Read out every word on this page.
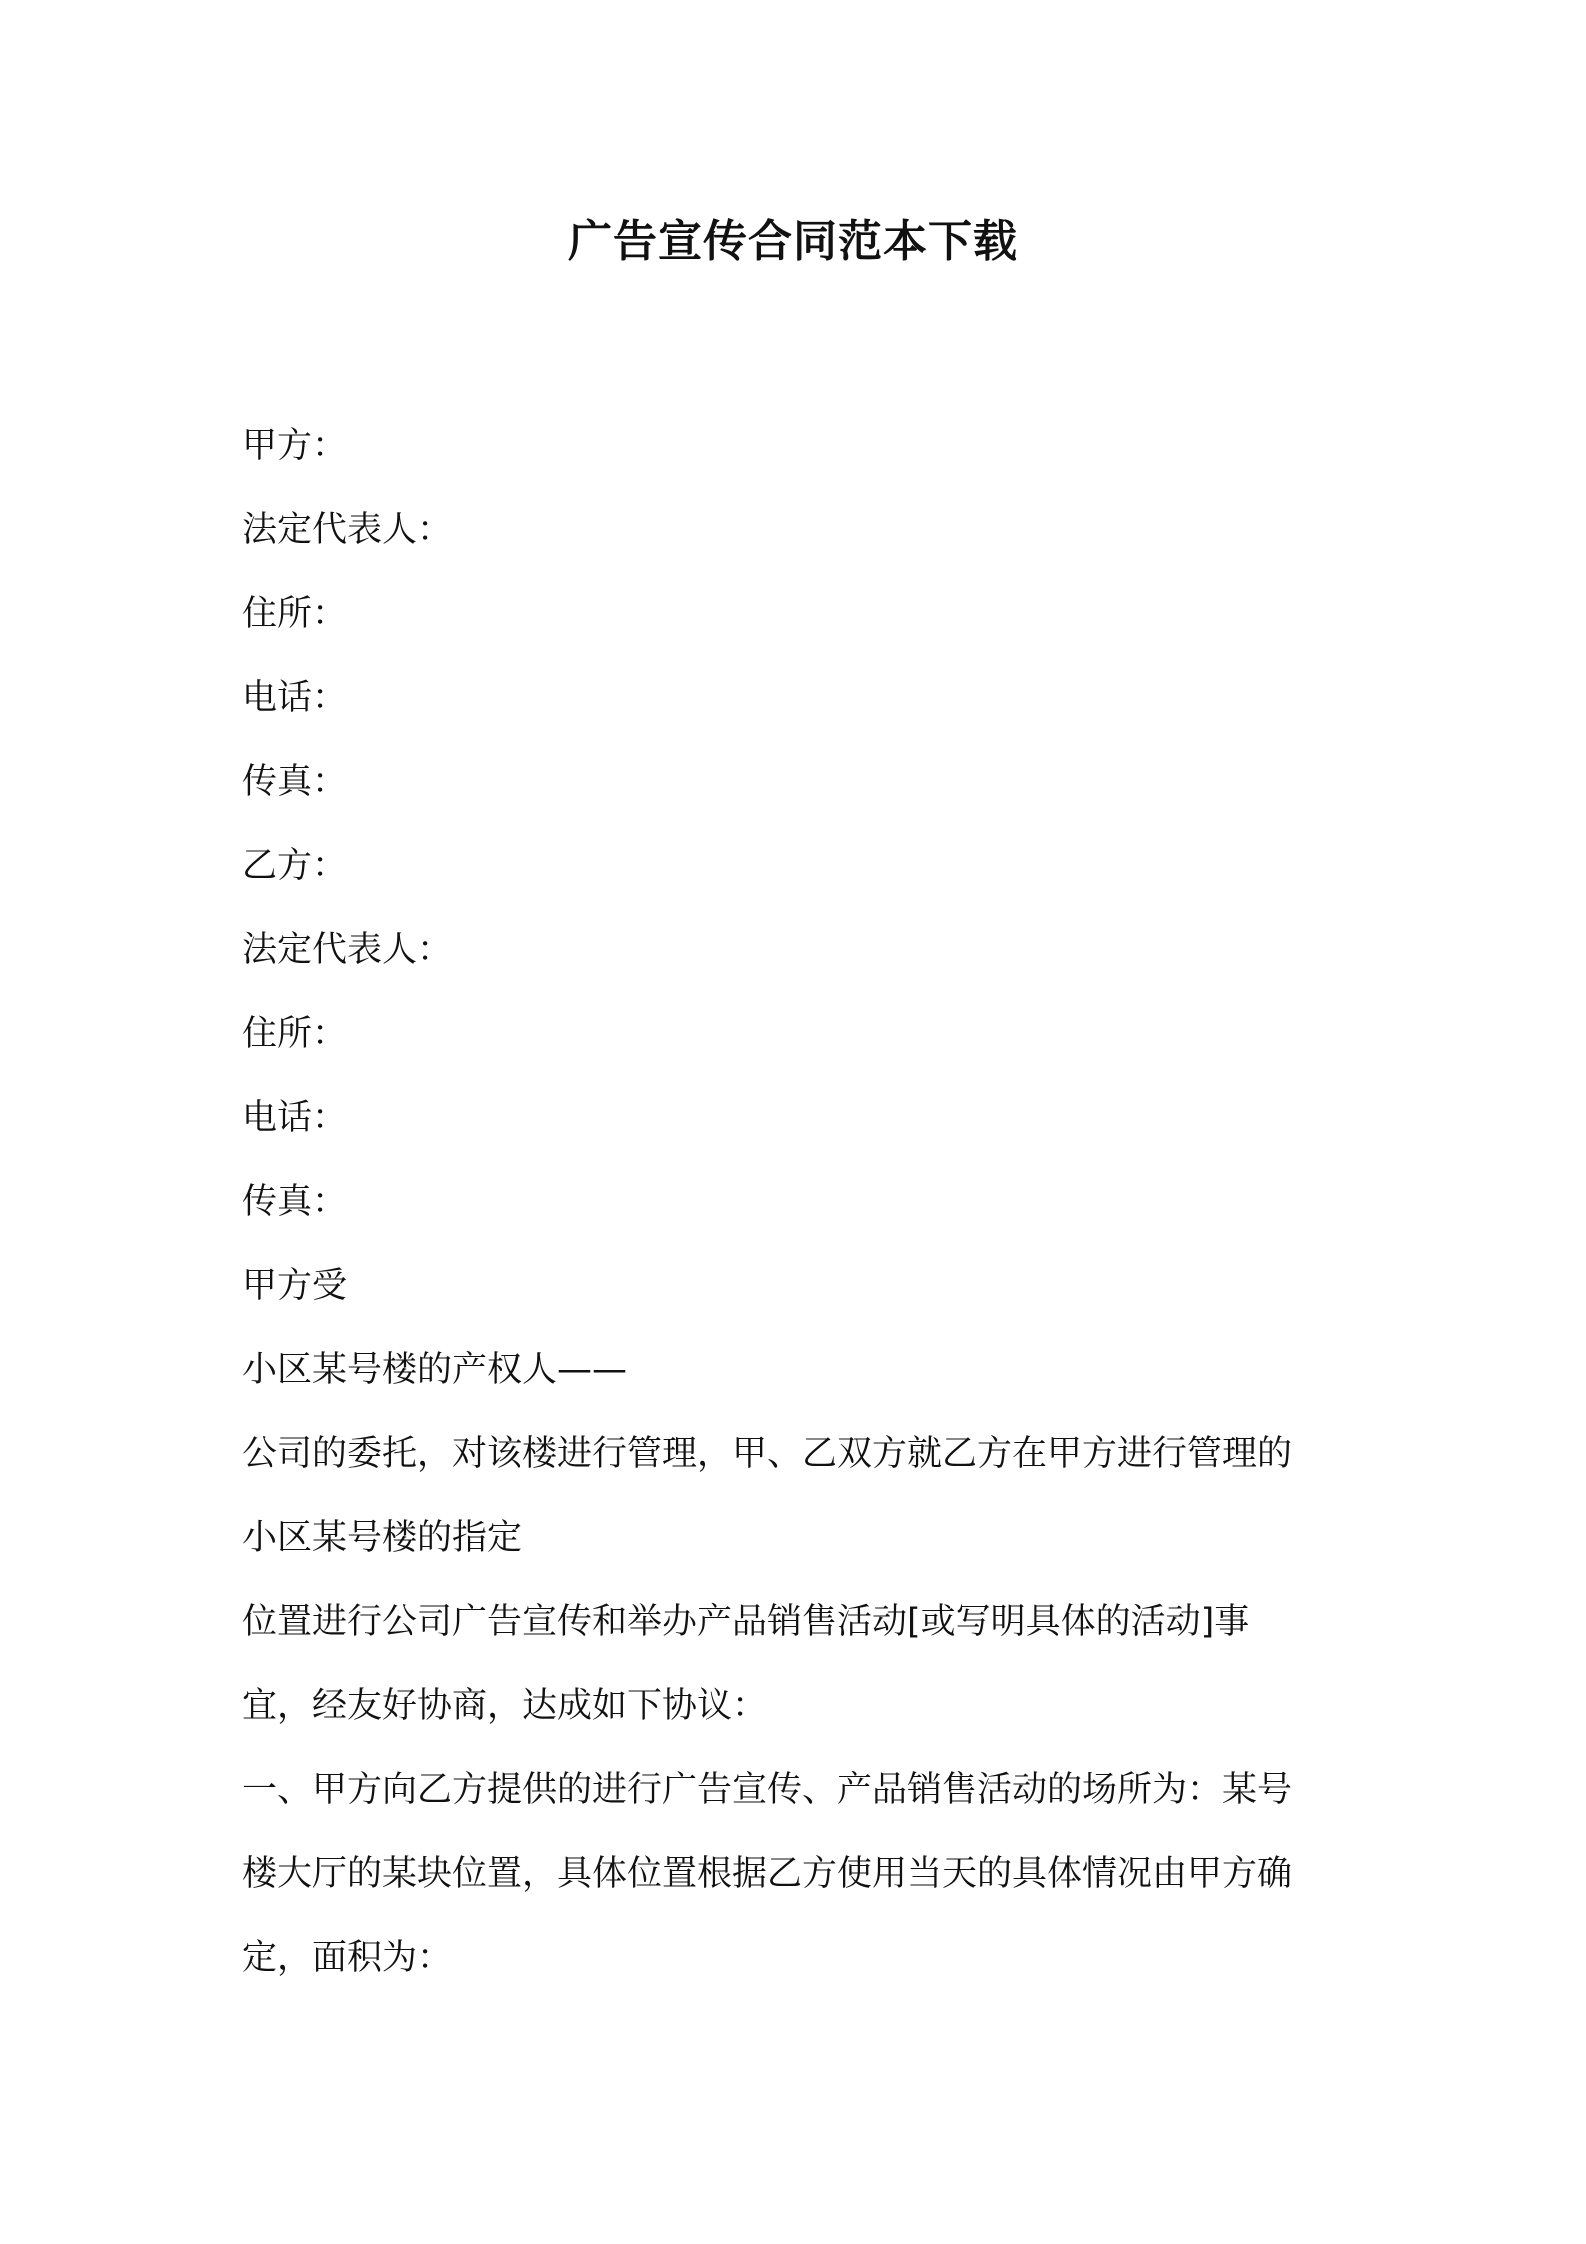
广告宣传合同范本下载
甲方：
法定代表人：
住所：
电话：
传真：
乙方：
法定代表人：
住所：
电话：
传真：
甲方受
小区某号楼的产权人——
公司的委托，对该楼进行管理，甲、乙双方就乙方在甲方进行管理的
小区某号楼的指定
位置进行公司广告宣传和举办产品销售活动[或写明具体的活动]事
宜，经友好协商，达成如下协议：
一、甲方向乙方提供的进行广告宣传、产品销售活动的场所为：某号
楼大厅的某块位置，具体位置根据乙方使用当天的具体情况由甲方确
定，面积为：
